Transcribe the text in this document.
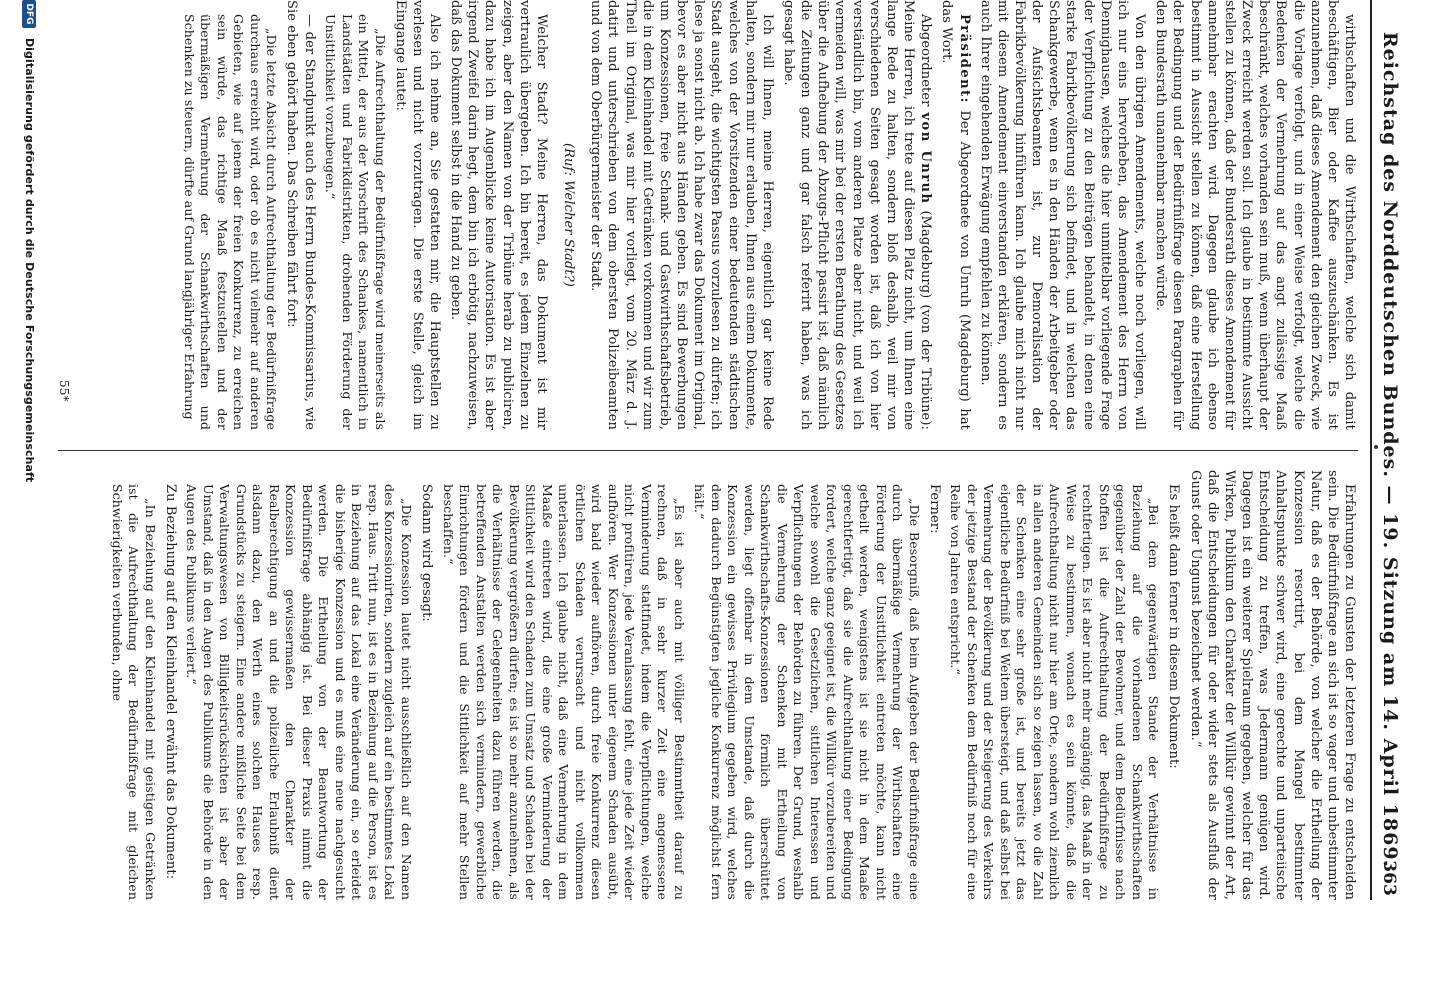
Reichstag des Norddeutschen Bundes. — 19. Sitzung am 14. April 1869.
363

wirthschaften und die Wirthschaften, welche sich damit beschäftigen, Bier oder Kaffee auszuschänken. Es ist anzunehmen, daß dieses Amendement den gleichen Zweck, wie die Vorlage verfolgt, und in einer Weise verfolgt, welche die Bedenken der Vermehrung auf das angt zulässige Maaß beschränkt, welches vorhanden sein muß, wenn überhaupt der Zweck erreicht werden soll. Ich glaube in bestimmte Aussicht stellen zu können, daß der Bundesrath dieses Amendement für annehmbar erachten wird. Dagegen glaube ich ebenso bestimmt in Aussicht stellen zu können, daß eine Herstellung der Bedingung und der Bedürfnißfrage diesen Paragraphen für den Bundesrath unannehmbar machen würde.

Von den übrigen Amendements, welche noch vorliegen, will ich nur eins hervorheben, das Amendement des Herrn von Dennighausen, welches die hier unmittelbar vorliegende Frage der Verpflichtung zu den Beiträgen behandelt, in denen eine starke Fabrikbevölkerung sich befindet, und in welchen das Schankgewerbe, wenn es in den Händen der Arbeitgeber oder der Aufsichtsbeamten ist, zur Demoralisation der Fabrikbevölkerung hinführen kann. Ich glaube mich nicht nur mit diesem Amendement einverstanden erklären, sondern es auch Ihrer eingehenden Erwägung empfehlen zu können.

Präsident: Der Abgeordnete von Unruh (Magdeburg) hat das Wort.

Abgeordneter von Unruh (Magdeburg) (von der Tribüne): Meine Herren, ich trete auf diesen Platz nicht, um Ihnen eine lange Rede zu halten, sondern bloß deshalb, weil mir von verschiedenen Seiten gesagt worden ist, daß ich von hier verständlich bin, vom anderen Platze aber nicht, und weil ich vermeiden will, was mir bei der ersten Berathung des Gesetzes über die Aufhebung der Abzugs-Pflicht passirt ist, daß nämlich die Zeitungen ganz und gar falsch referirt haben, was ich gesagt habe.

Ich will Ihnen, meine Herren, eigentlich gar keine Rede halten, sondern mir nur erlauben, Ihnen aus einem Dokumente, welches von der Vorsitzenden einer bedeutenden städtischen Stadt ausgeht, die wichtigsten Passus vorzulesen zu dürfen; ich lese ja sonst nicht ab. Ich habe zwar das Dokument im Original, bevor es aber nicht aus Händen geben. Es sind Bewerbungen um Konzessionen, freie Schank- und Gastwirthschaftsbetrieb, die in dem Kleinhandel mit Getränken vorkommen und wir zum Theil im Original, was mir hier vorliegt, vom 20. März d. J. datirt und unterschrieben von dem obersten Polizeibeamten und von dem Oberbürgermeister der Stadt.

(Ruf: Welcher Stadt?)

Welcher Stadt? Meine Herren, das Dokument ist mir vertraulich übergeben. Ich bin bereit, es jedem Einzelnen zu zeigen, aber den Namen von der Tribüne herab zu publiciren, dazu habe ich im Augenblicke keine Autorisation. Es ist aber irgend Zweifel darin hegt, dem bin ich erbötig, nachzuweisen, daß das Dokument selbst in die Hand zu geben.

Also ich nehme an, Sie gestatten mir, die Hauptstellen zu verlesen und nicht vorzutragen. Die erste Stelle, gleich im Eingange lautet:

„Die Aufrechthaltung der Bedürfnißfrage wird meinerseits als ein Mittel, der aus der Vorschrift des Schankes, namentlich in Landstädten und Fabrikdistrikten, drohenden Förderung der Unsittlichkeit vorzubeugen.“

— der Standpunkt auch des Herrn Bundes-Kommissarius, wie Sie eben gehört haben. Das Schreiben fährt fort:

„Die letzte Absicht durch Aufrechthaltung der Bedürfnißfrage durchaus erreicht wird, oder ob es nicht vielmehr auf anderen Gebieten, wie auf jenem der freien Konkurrenz, zu erreichen sein würde, das richtige Maaß festzustellen und der übermäßigen Vermehrung der Schankwirthschaften und Schenken zu steuern, dürfte auf Grund langjähriger Erfahrung

Erfahrungen zu Gunsten der letzteren Frage zu entscheiden sein. Die Bedürfnißfrage an sich ist so vager und unbestimmter Natur, daß es der Behörde, von welcher die Ertheilung der Konzession resortirt, bei dem Mangel bestimmter Anhaltspunkte schwer wird, eine gerechte und unparteiische Entscheidung zu treffen, was Jedermann genügen wird. Dagegen ist ein weiterer Spielraum gegeben, welcher für das Wirken, Publikum den Charakter der Willkür gewinnt der Art, daß die Entscheidungen für oder wider stets als Ausfluß der Gunst oder Ungunst bezeichnet werden.“

Es heißt dann ferner in diesem Dokument:

„Bei dem gegenwärtigen Stande der Verhältnisse in Beziehung auf die vorhandenen Schankwirthschaften gegenüber der Zahl der Bewohner, und dem Bedürfnisse nach Stoffen ist die Aufrechthaltung der Bedürfnißfrage zu rechtfertigen. Es ist aber nicht mehr angängig, das Maaß in der Weise zu bestimmen, wonach es sein könnte, daß die Aufrechthaltung nicht nur hier am Orte, sondern wohl ziemlich in allen anderen Gemeinden sich so zeigen lassen, wo die Zahl der Schenken eine sehr große ist, und bereits jetzt das eigentliche Bedürfniß bei Weitem übersteigt, und daß selbst bei Vermehrung der Bevölkerung und der Steigerung des Verkehrs der jetzige Bestand der Schenken dem Bedürfniß noch für eine Reihe von Jahren entspricht.“

Ferner:

„Die Besorgniß, daß beim Aufgeben der Bedürfnißfrage eine durch übermäßige Vermehrung der Wirthschaften eine Förderung der Unsittlichkeit eintreten möchte, kann nicht getheilt werden, wenigstens ist sie nicht in dem Maaße gerechtfertigt, daß sie die Aufrechthaltung einer Bedingung fordert, welche ganz geeignet ist, die Willkür vorzubereiten und welche sowohl die Gesetzlichen, sittlichen Interessen und Verpflichtungen der Behörden zu führen. Der Grund, weshalb die Vermehrung der Schenken mit Ertheilung von Schankwirthschafts-Konzessionen förmlich überschüttet werden, liegt offenbar in dem Umstande, daß durch die Konzession ein gewisses Privilegium gegeben wird, welches dem dadurch Begünstigten jegliche Konkurrenz möglichst fern hält.“

„Es ist aber auch mit völliger Bestimmtheit darauf zu rechnen, daß in sehr kurzer Zeit eine angemessene Verminderung stattfindet, indem die Verpflichtungen, welche nicht profitiren, jede Veranlassung fehlt, eine jede Zeit wieder aufhören. Wer Konzessionen unter eigenem Schaden ausübt, wird bald wieder aufhören, durch freie Konkurrenz diesen örtlichen Schaden verursacht und nicht vollkommen unterlassen. Ich glaube nicht, daß eine Vermehrung in dem Maaße eintreten wird, die eine große Verminderung der Sittlichkeit wird den Schaden zum Umsatz und Schaden bei der Bevölkerung vergrößern dürfen; es ist so mehr anzunehmen, als die Verhältnisse der Gelegenheiten dazu führen werden, die betreffenden Anstalten werden sich vermindern, gewerbliche Einrichtungen fördern und die Sittlichkeit auf mehr Stellen beschaffen.“

Sodann wird gesagt:

„Die Konzession lautet nicht ausschließlich auf den Namen des Konzessionirten, sondern zugleich auf ein bestimmtes Lokal resp. Haus. Tritt nun, ist es in Beziehung auf die Person, ist es in Beziehung auf das Lokal eine Veränderung ein, so erleidet die bisherige Konzession und es muß eine neue nachgesucht werden. Die Ertheilung von der Beantwortung der Bedürfnißfrage abhängig ist. Bei dieser Praxis nimmt die Konzession gewissermaßen den Charakter der Realberechtigung an und die polizeiliche Erlaubniß dient alsdann dazu, den Werth eines solchen Hauses resp. Grundstücks zu steigern. Eine andere mißliche Seite bei dem Verwaltungswesen von Billigkeitsrücksichten ist aber der Umstand, daß in den Augen des Publikums die Behörde in den Augen des Publikums verliert.“

Zu Beziehung auf den Kleinhandel erwähnt das Dokument:

„In Beziehung auf den Kleinhandel mit geistigen Getränken ist die Aufrechthaltung der Bedürfnißfrage mit gleichen Schwierigkeiten verbunden, ohne

55*
DFG Digitalisierung gefördert durch die Deutsche Forschungsgemeinschaft
